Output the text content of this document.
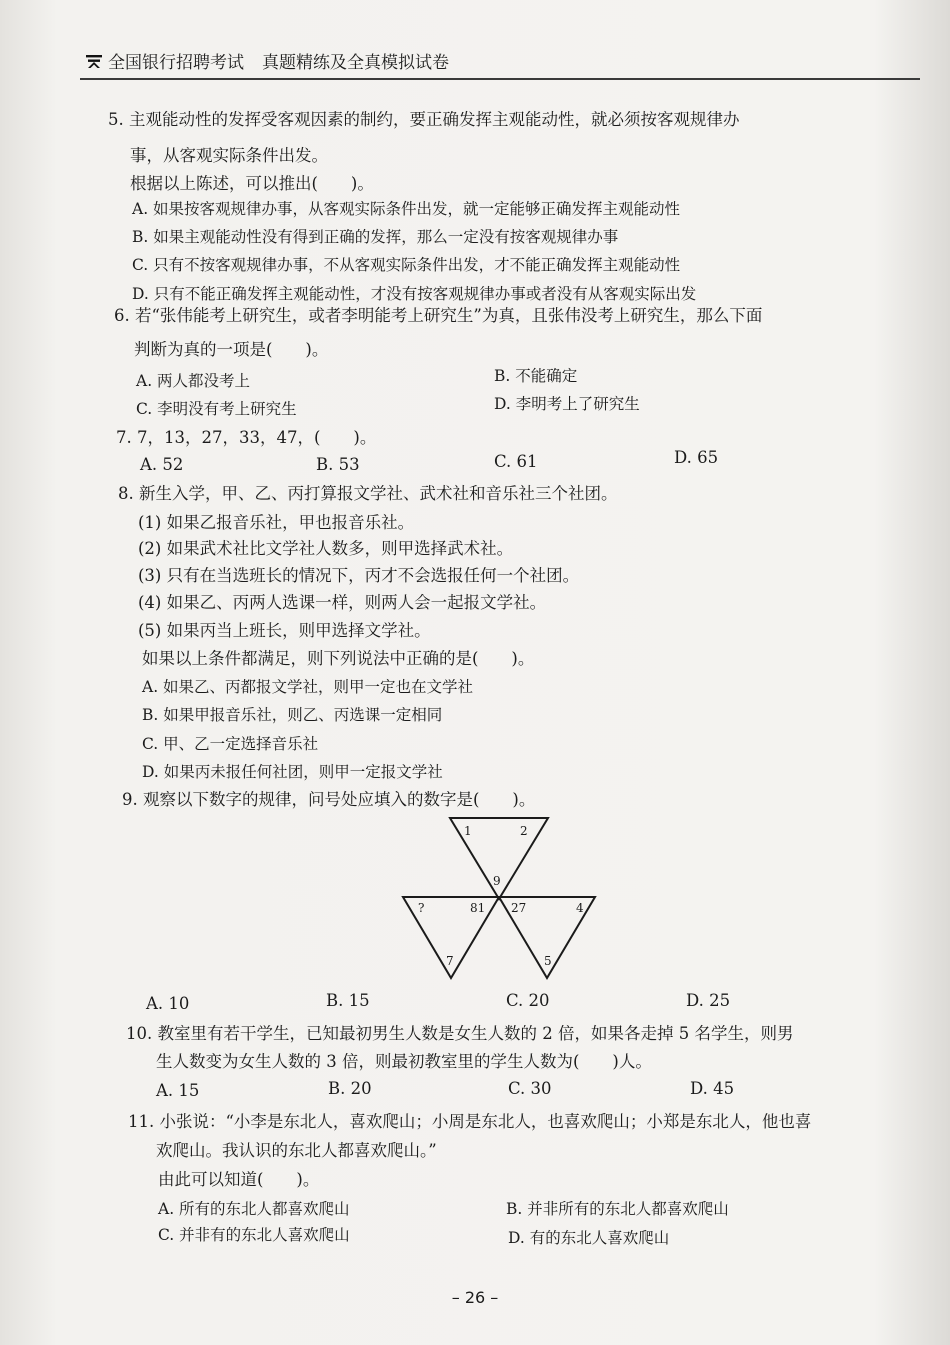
全国银行招聘考试 真题精练及全真模拟试卷
5. 主观能动性的发挥受客观因素的制约，要正确发挥主观能动性，就必须按客观规律办
事，从客观实际条件出发。
根据以上陈述，可以推出(　　)。
A. 如果按客观规律办事，从客观实际条件出发，就一定能够正确发挥主观能动性
B. 如果主观能动性没有得到正确的发挥，那么一定没有按客观规律办事
C. 只有不按客观规律办事，不从客观实际条件出发，才不能正确发挥主观能动性
D. 只有不能正确发挥主观能动性，才没有按客观规律办事或者没有从客观实际出发
6. 若“张伟能考上研究生，或者李明能考上研究生”为真，且张伟没考上研究生，那么下面
判断为真的一项是(　　)。
A. 两人都没考上	B. 不能确定
C. 李明没有考上研究生	D. 李明考上了研究生
7. 7，13，27，33，47，(　　)。
A. 52	B. 53	C. 61	D. 65
8. 新生入学，甲、乙、丙打算报文学社、武术社和音乐社三个社团。
(1) 如果乙报音乐社，甲也报音乐社。
(2) 如果武术社比文学社人数多，则甲选择武术社。
(3) 只有在当选班长的情况下，丙才不会选报任何一个社团。
(4) 如果乙、丙两人选课一样，则两人会一起报文学社。
(5) 如果丙当上班长，则甲选择文学社。
如果以上条件都满足，则下列说法中正确的是(　　)。
A. 如果乙、丙都报文学社，则甲一定也在文学社
B. 如果甲报音乐社，则乙、丙选课一定相同
C. 甲、乙一定选择音乐社
D. 如果丙未报任何社团，则甲一定报文学社
9. 观察以下数字的规律，问号处应填入的数字是(　　)。
1	2
9
?	81
7
27	4
5
A. 10	B. 15	C. 20	D. 25
10. 教室里有若干学生，已知最初男生人数是女生人数的 2 倍，如果各走掉 5 名学生，则男
生人数变为女生人数的 3 倍，则最初教室里的学生人数为(　　)人。
A. 15	B. 20	C. 30	D. 45
11. 小张说：“小李是东北人，喜欢爬山；小周是东北人，也喜欢爬山；小郑是东北人，他也喜
欢爬山。我认识的东北人都喜欢爬山。”
由此可以知道(　　)。
A. 所有的东北人都喜欢爬山	B. 并非所有的东北人都喜欢爬山
C. 并非有的东北人喜欢爬山	D. 有的东北人喜欢爬山
– 26 –
